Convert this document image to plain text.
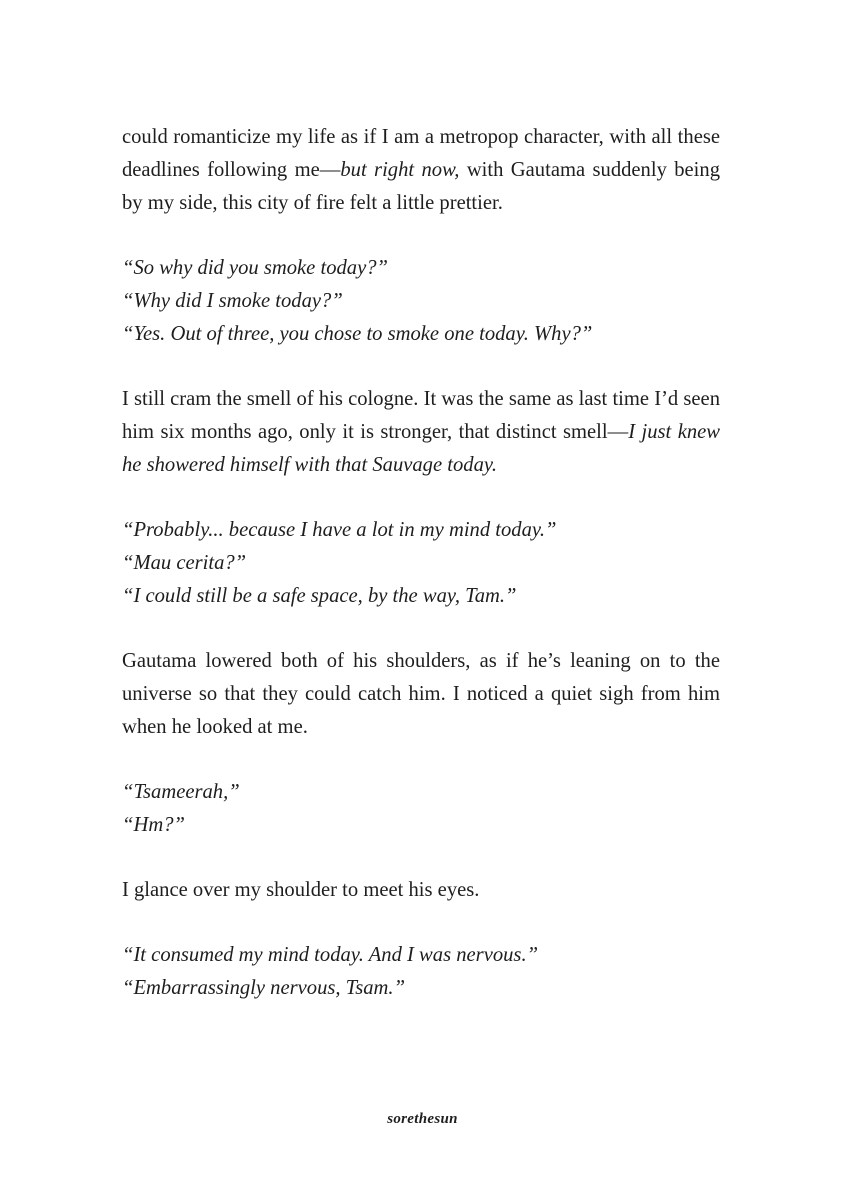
could romanticize my life as if I am a metropop character, with all these
deadlines following me—but right now, with Gautama suddenly being
by my side, this city of fire felt a little prettier.

“So why did you smoke today?”
“Why did I smoke today?”
“Yes. Out of three, you chose to smoke one today. Why?”

I still cram the smell of his cologne. It was the same as last time I’d seen
him six months ago, only it is stronger, that distinct smell—I just knew
he showered himself with that Sauvage today.

“Probably... because I have a lot in my mind today.”
“Mau cerita?”
“I could still be a safe space, by the way, Tam.”

Gautama lowered both of his shoulders, as if he’s leaning on to the
universe so that they could catch him. I noticed a quiet sigh from him
when he looked at me.

“Tsameerah,”
“Hm?”

I glance over my shoulder to meet his eyes.

“It consumed my mind today. And I was nervous.”
“Embarrassingly nervous, Tsam.”

sorethesun
